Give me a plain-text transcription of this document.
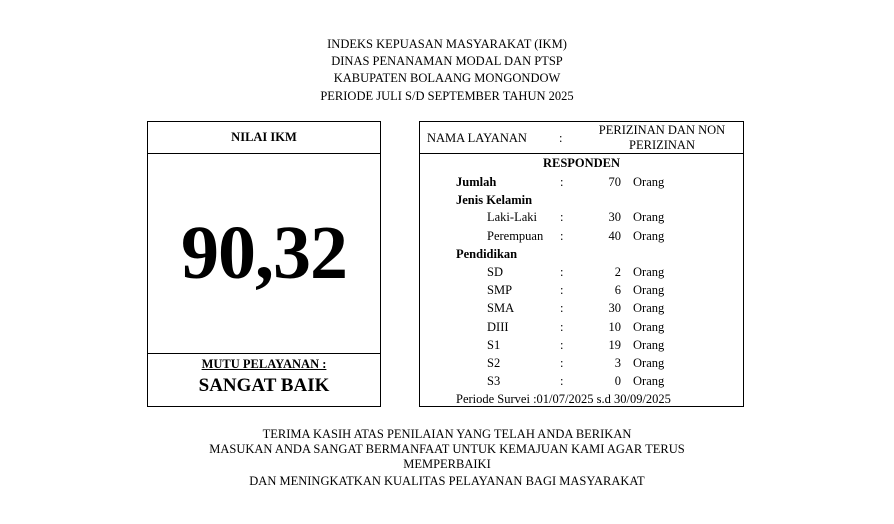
INDEKS KEPUASAN MASYARAKAT (IKM)
DINAS PENANAMAN MODAL DAN PTSP
KABUPATEN BOLAANG MONGONDOW
PERIODE JULI S/D SEPTEMBER TAHUN 2025
NILAI IKM
90,32
MUTU PELAYANAN :
SANGAT BAIK
NAMA LAYANAN	:
PERIZINAN DAN NON
PERIZINAN
RESPONDEN
Jumlah	:	70 Orang
Jenis Kelamin
Laki-Laki :	30 Orang
Perempuan :	40 Orang
Pendidikan
SD	:	2 Orang
SMP	:	6 Orang
SMA	:	30 Orang
DIII	:	10 Orang
S1	:	19 Orang
S2	:	3 Orang
S3	:	0 Orang
Periode Survei :01/07/2025 s.d 30/09/2025
TERIMA KASIH ATAS PENILAIAN YANG TELAH ANDA BERIKAN
MASUKAN ANDA SANGAT BERMANFAAT UNTUK KEMAJUAN KAMI AGAR TERUS
MEMPERBAIKI
DAN MENINGKATKAN KUALITAS PELAYANAN BAGI MASYARAKAT
